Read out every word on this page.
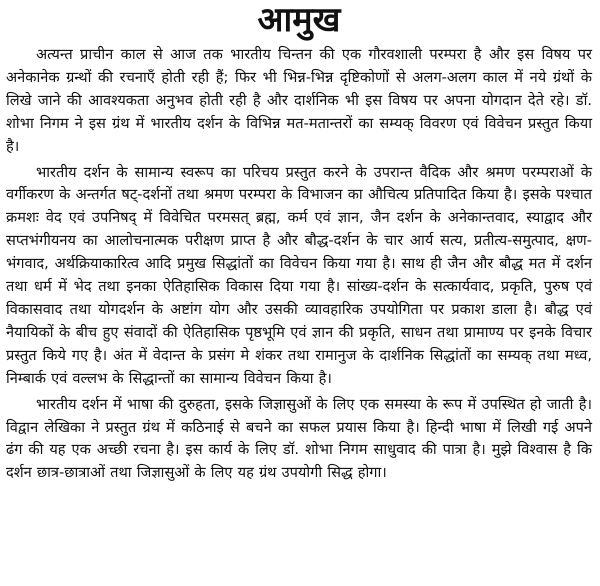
आमुख

अत्यन्त प्राचीन काल से आज तक भारतीय चिन्तन की एक गौरवशाली परम्परा है और इस विषय पर अनेकानेक ग्रन्थों की रचनाएँ होती रही हैं; फिर भी भिन्न-भिन्न दृष्टिकोणों से अलग-अलग काल में नये ग्रंथों के लिखे जाने की आवश्यकता अनुभव होती रही है और दार्शनिक भी इस विषय पर अपना योगदान देते रहे। डॉ. शोभा निगम ने इस ग्रंथ में भारतीय दर्शन के विभिन्न मत-मतान्तरों का सम्यक् विवरण एवं विवेचन प्रस्तुत किया है।

भारतीय दर्शन के सामान्य स्वरूप का परिचय प्रस्तुत करने के उपरान्त वैदिक और श्रमण परम्पराओं के वर्गीकरण के अन्तर्गत षट्-दर्शनों तथा श्रमण परम्परा के विभाजन का औचित्य प्रतिपादित किया है। इसके पश्चात क्रमशः वेद एवं उपनिषद् में विवेचित परमसत् ब्रह्म, कर्म एवं ज्ञान, जैन दर्शन के अनेकान्तवाद, स्याद्वाद और सप्तभंगीयनय का आलोचनात्मक परीक्षण प्राप्त है और बौद्ध-दर्शन के चार आर्य सत्य, प्रतीत्य-समुत्पाद, क्षण-भंगवाद, अर्थक्रियाकारित्व आदि प्रमुख सिद्धांतों का विवेचन किया गया है। साथ ही जैन और बौद्ध मत में दर्शन तथा धर्म में भेद तथा इनका ऐतिहासिक विकास दिया गया है। सांख्य-दर्शन के सत्कार्यवाद, प्रकृति, पुरुष एवं विकासवाद तथा योगदर्शन के अष्टांग योग और उसकी व्यावहारिक उपयोगिता पर प्रकाश डाला है। बौद्ध एवं नैयायिकों के बीच हुए संवादों की ऐतिहासिक पृष्ठभूमि एवं ज्ञान की प्रकृति, साधन तथा प्रामाण्य पर इनके विचार प्रस्तुत किये गए है। अंत में वेदान्त के प्रसंग मे शंकर तथा रामानुज के दार्शनिक सिद्धांतों का सम्यक् तथा मध्व, निम्बार्क एवं वल्लभ के सिद्धान्तों का सामान्य विवेचन किया है।

भारतीय दर्शन में भाषा की दुरुहता, इसके जिज्ञासुओं के लिए एक समस्या के रूप में उपस्थित हो जाती है। विद्वान लेखिका ने प्रस्तुत ग्रंथ में कठिनाई से बचने का सफल प्रयास किया है। हिन्दी भाषा में लिखी गई अपने ढंग की यह एक अच्छी रचना है। इस कार्य के लिए डॉ. शोभा निगम साधुवाद की पात्रा है। मुझे विश्वास है कि दर्शन छात्र-छात्राओं तथा जिज्ञासुओं के लिए यह ग्रंथ उपयोगी सिद्ध होगा।
